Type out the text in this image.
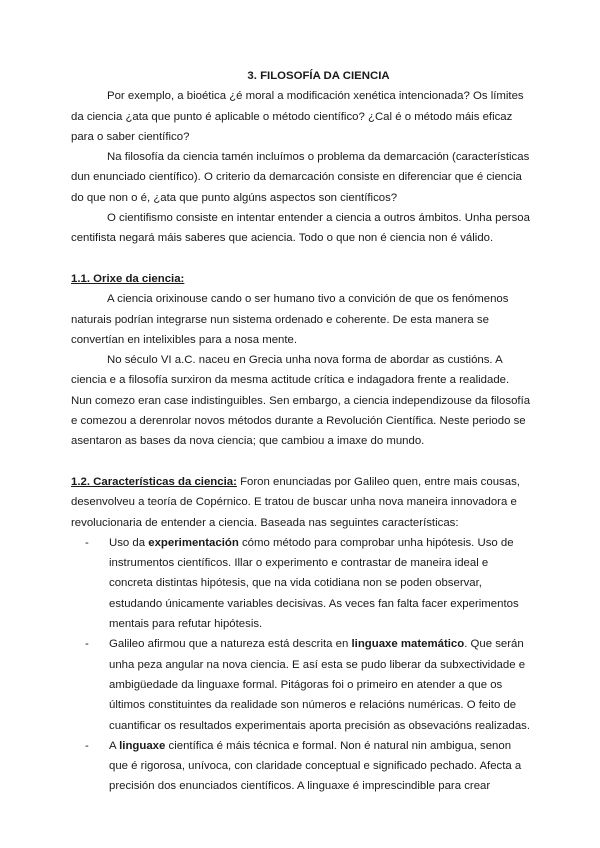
3. FILOSOFÍA DA CIENCIA

Por exemplo, a bioética ¿é moral a modificación xenética intencionada? Os límites da ciencia ¿ata que punto é aplicable o método científico? ¿Cal é o método máis eficaz para o saber científico?

Na filosofía da ciencia tamén incluímos o problema da demarcación (características dun enunciado científico). O criterio da demarcación consiste en diferenciar que é ciencia do que non o é, ¿ata que punto algúns aspectos son científicos?

O cientifismo consiste en intentar entender a ciencia a outros ámbitos. Unha persoa centifista negará máis saberes que aciencia. Todo o que non é ciencia non é válido.

1.1. Orixe da ciencia:

A ciencia orixinouse cando o ser humano tivo a convición de que os fenómenos naturais podrían integrarse nun sistema ordenado e coherente. De esta manera se convertían en intelixibles para a nosa mente.

No século VI a.C. naceu en Grecia unha nova forma de abordar as custións. A ciencia e a filosofía surxiron da mesma actitude crítica e indagadora frente a realidade. Nun comezo eran case indistinguibles. Sen embargo, a ciencia independizouse da filosofía e comezou a derenrolar novos métodos durante a Revolución Científica. Neste periodo se asentaron as bases da nova ciencia; que cambiou a imaxe do mundo.

1.2. Características da ciencia: Foron enunciadas por Galileo quen, entre mais cousas, desenvolveu a teoría de Copérnico. E tratou de buscar unha nova maneira innovadora e revolucionaria de entender a ciencia. Baseada nas seguintes características:

- Uso da experimentación cómo método para comprobar unha hipótesis. Uso de instrumentos científicos. Illar o experimento e contrastar de maneira ideal e concreta distintas hipótesis, que na vida cotidiana non se poden observar, estudando únicamente variables decisivas. As veces fan falta facer experimentos mentais para refutar hipótesis.
- Galileo afirmou que a natureza está descrita en linguaxe matemático. Que serán unha peza angular na nova ciencia. E así esta se pudo liberar da subxectividade e ambigüedade da linguaxe formal. Pitágoras foi o primeiro en atender a que os últimos constituintes da realidade son números e relacións numéricas. O feito de cuantificar os resultados experimentais aporta precisión as obsevacións realizadas.
- A linguaxe científica é máis técnica e formal. Non é natural nin ambigua, senon que é rigorosa, unívoca, con claridade conceptual e significado pechado. Afecta a precisión dos enunciados científicos. A linguaxe é imprescindible para crear
